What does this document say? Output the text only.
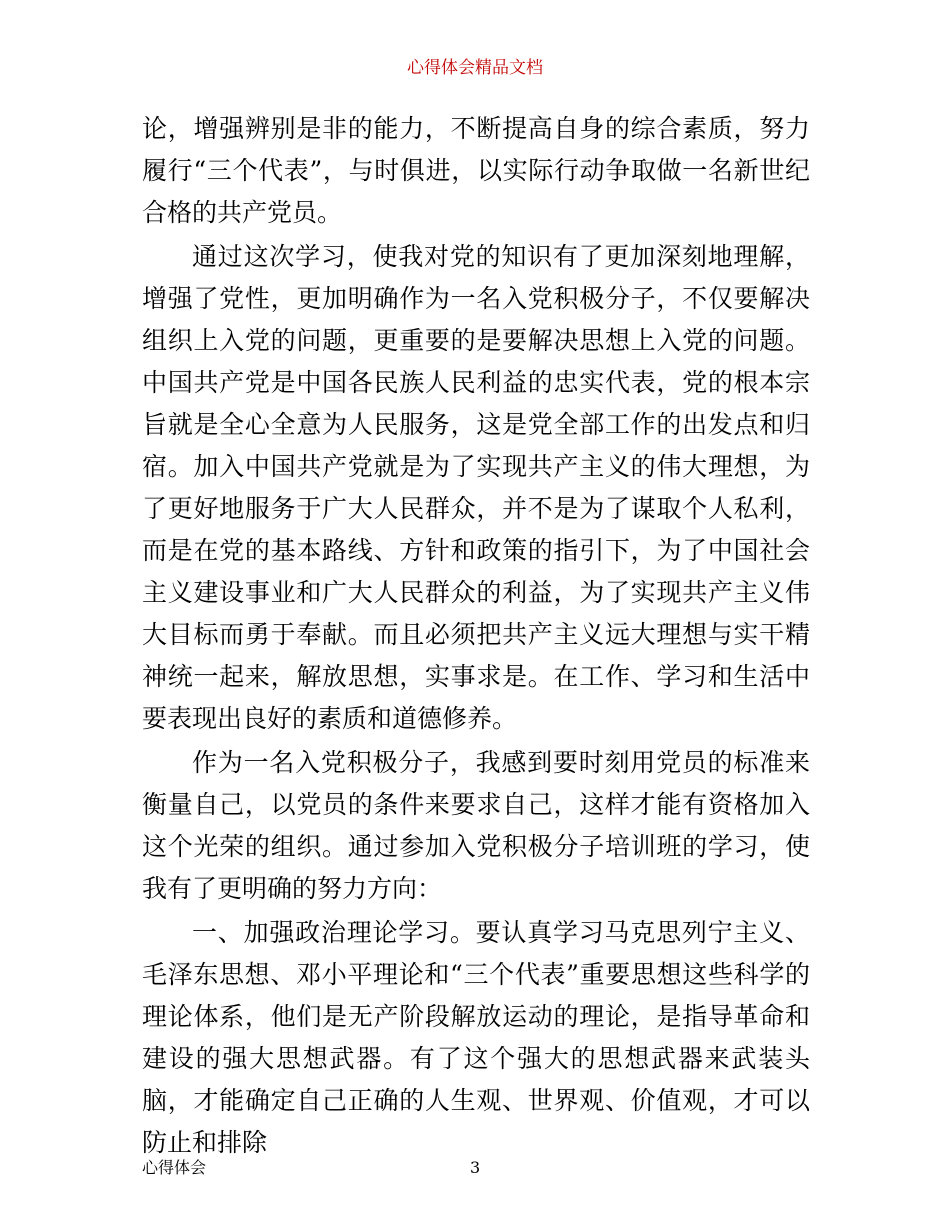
心得体会精品文档

论，增强辨别是非的能力，不断提高自身的综合素质，努力履行“三个代表”，与时俱进，以实际行动争取做一名新世纪合格的共产党员。

通过这次学习，使我对党的知识有了更加深刻地理解，增强了党性，更加明确作为一名入党积极分子，不仅要解决组织上入党的问题，更重要的是要解决思想上入党的问题。中国共产党是中国各民族人民利益的忠实代表，党的根本宗旨就是全心全意为人民服务，这是党全部工作的出发点和归宿。加入中国共产党就是为了实现共产主义的伟大理想，为了更好地服务于广大人民群众，并不是为了谋取个人私利，而是在党的基本路线、方针和政策的指引下，为了中国社会主义建设事业和广大人民群众的利益，为了实现共产主义伟大目标而勇于奉献。而且必须把共产主义远大理想与实干精神统一起来，解放思想，实事求是。在工作、学习和生活中要表现出良好的素质和道德修养。

作为一名入党积极分子，我感到要时刻用党员的标准来衡量自己，以党员的条件来要求自己，这样才能有资格加入这个光荣的组织。通过参加入党积极分子培训班的学习，使我有了更明确的努力方向：

一、加强政治理论学习。要认真学习马克思列宁主义、毛泽东思想、邓小平理论和“三个代表”重要思想这些科学的理论体系，他们是无产阶段解放运动的理论，是指导革命和建设的强大思想武器。有了这个强大的思想武器来武装头脑，才能确定自己正确的人生观、世界观、价值观，才可以防止和排除

心得体会	3
